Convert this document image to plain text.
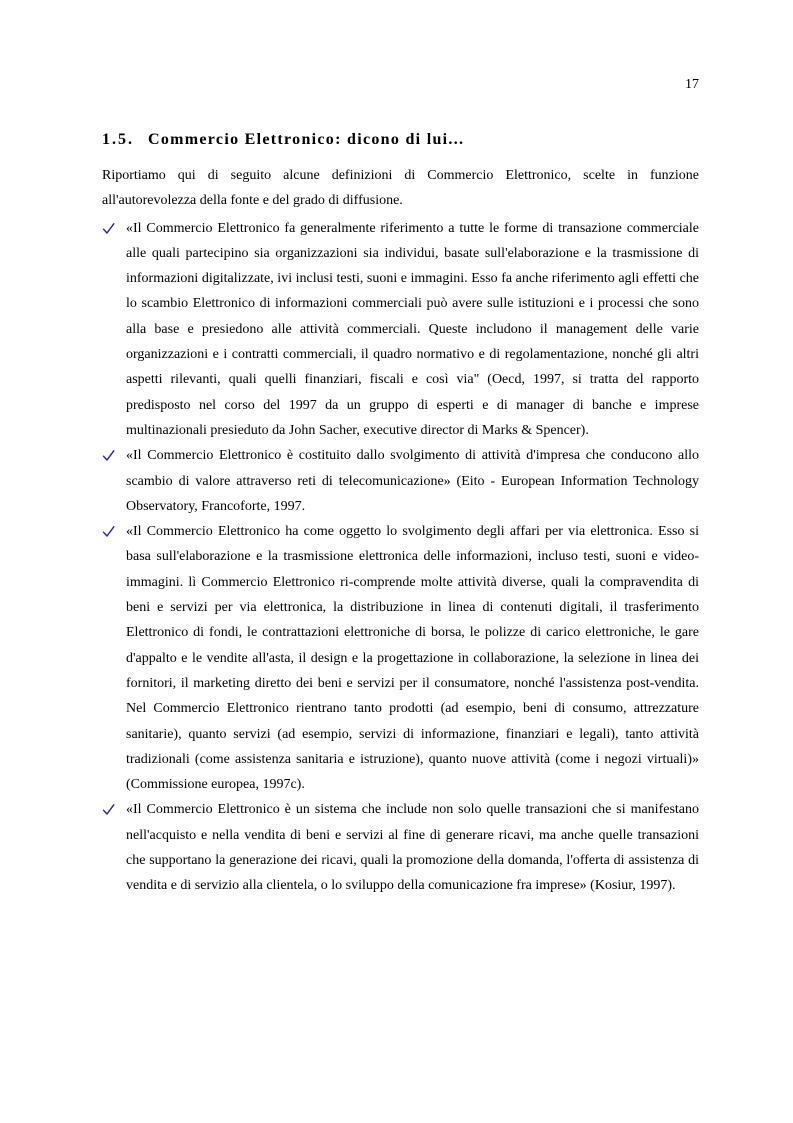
17
1.5. Commercio Elettronico: dicono di lui...

Riportiamo qui di seguito alcune definizioni di Commercio Elettronico, scelte in funzione all'autorevolezza della fonte e del grado di diffusione.

«Il Commercio Elettronico fa generalmente riferimento a tutte le forme di transazione commerciale alle quali partecipino sia organizzazioni sia individui, basate sull'elaborazione e la trasmissione di informazioni digitalizzate, ivi inclusi testi, suoni e immagini. Esso fa anche riferimento agli effetti che lo scambio Elettronico di informazioni commerciali può avere sulle istituzioni e i processi che sono alla base e presiedono alle attività commerciali. Queste includono il management delle varie organizzazioni e i contratti commerciali, il quadro normativo e di regolamentazione, nonché gli altri aspetti rilevanti, quali quelli finanziari, fiscali e così via" (Oecd, 1997, si tratta del rapporto predisposto nel corso del 1997 da un gruppo di esperti e di manager di banche e imprese multinazionali presieduto da John Sacher, executive director di Marks & Spencer).
«Il Commercio Elettronico è costituito dallo svolgimento di attività d'impresa che conducono allo scambio di valore attraverso reti di telecomunicazione» (Eito - European Information Technology Observatory, Francoforte, 1997.
«Il Commercio Elettronico ha come oggetto lo svolgimento degli affari per via elettronica. Esso si basa sull'elaborazione e la trasmissione elettronica delle informazioni, incluso testi, suoni e video-immagini. lì Commercio Elettronico ri-comprende molte attività diverse, quali la compravendita di beni e servizi per via elettronica, la distribuzione in linea di contenuti digitali, il trasferimento Elettronico di fondi, le contrattazioni elettroniche di borsa, le polizze di carico elettroniche, le gare d'appalto e le vendite all'asta, il design e la progettazione in collaborazione, la selezione in linea dei fornitori, il marketing diretto dei beni e servizi per il consumatore, nonché l'assistenza post-vendita. Nel Commercio Elettronico rientrano tanto prodotti (ad esempio, beni di consumo, attrezzature sanitarie), quanto servizi (ad esempio, servizi di informazione, finanziari e legali), tanto attività tradizionali (come assistenza sanitaria e istruzione), quanto nuove attività (come i negozi virtuali)» (Commissione europea, 1997c).
«Il Commercio Elettronico è un sistema che include non solo quelle transazioni che si manifestano nell'acquisto e nella vendita di beni e servizi al fine di generare ricavi, ma anche quelle transazioni che supportano la generazione dei ricavi, quali la promozione della domanda, l'offerta di assistenza di vendita e di servizio alla clientela, o lo sviluppo della comunicazione fra imprese» (Kosiur, 1997).
